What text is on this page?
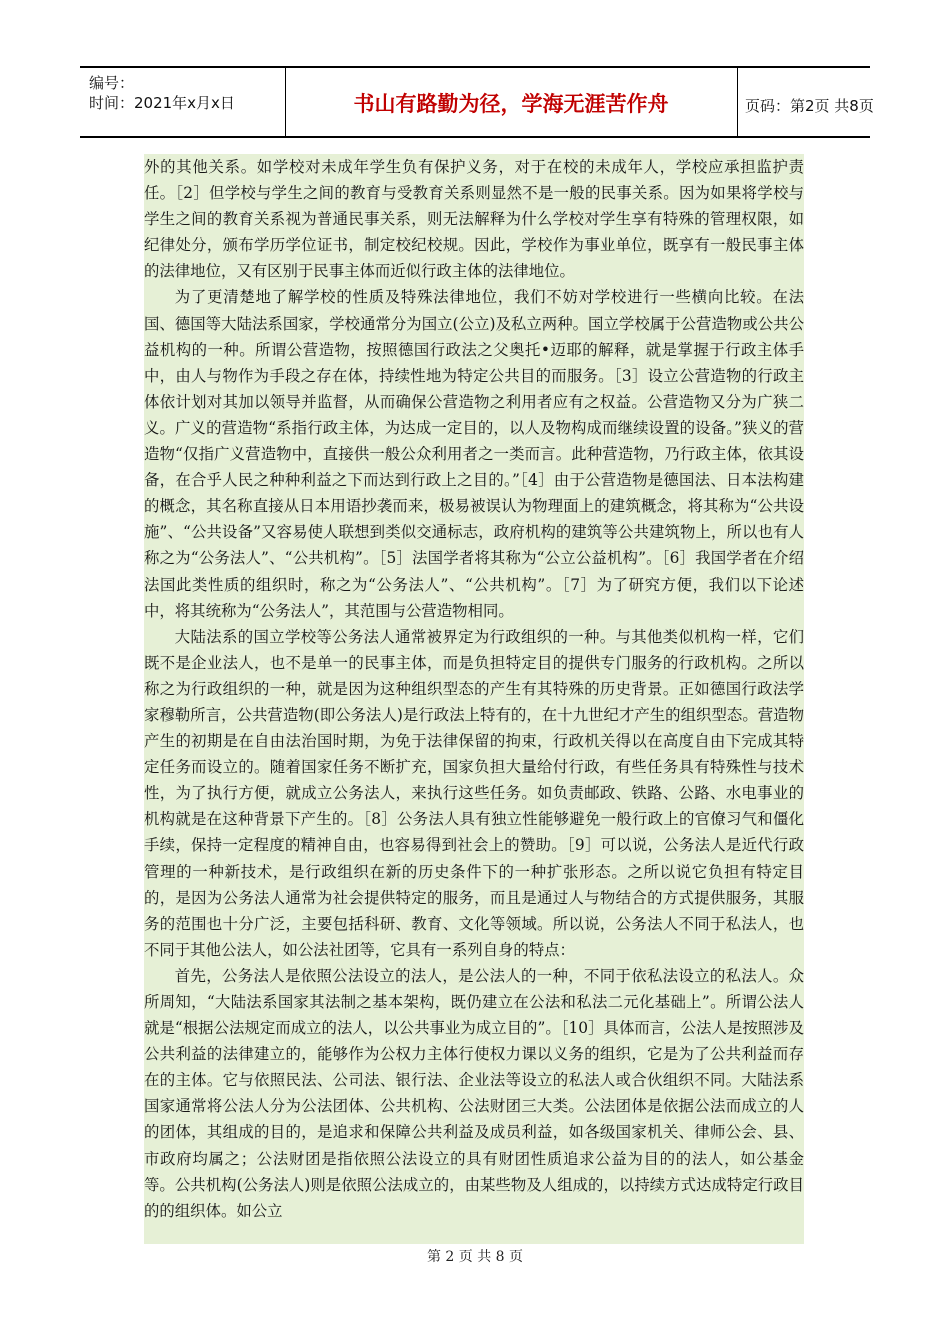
编号：
时间：2021年x月x日	书山有路勤为径，学海无涯苦作舟	页码：第2页 共8页

外的其他关系。如学校对未成年学生负有保护义务，对于在校的未成年人，学校应承担监护责任。［2］但学校与学生之间的教育与受教育关系则显然不是一般的民事关系。因为如果将学校与学生之间的教育关系视为普通民事关系，则无法解释为什么学校对学生享有特殊的管理权限，如纪律处分，颁布学历学位证书，制定校纪校规。因此，学校作为事业单位，既享有一般民事主体的法律地位，又有区别于民事主体而近似行政主体的法律地位。

为了更清楚地了解学校的性质及特殊法律地位，我们不妨对学校进行一些横向比较。在法国、德国等大陆法系国家，学校通常分为国立(公立)及私立两种。国立学校属于公营造物或公共公益机构的一种。所谓公营造物，按照德国行政法之父奥托•迈耶的解释，就是掌握于行政主体手中，由人与物作为手段之存在体，持续性地为特定公共目的而服务。［3］设立公营造物的行政主体依计划对其加以领导并监督，从而确保公营造物之利用者应有之权益。公营造物又分为广狭二义。广义的营造物“系指行政主体，为达成一定目的，以人及物构成而继续设置的设备。”狭义的营造物“仅指广义营造物中，直接供一般公众利用者之一类而言。此种营造物，乃行政主体，依其设备，在合乎人民之种种利益之下而达到行政上之目的。”［4］由于公营造物是德国法、日本法构建的概念，其名称直接从日本用语抄袭而来，极易被误认为物理面上的建筑概念，将其称为“公共设施”、“公共设备”又容易使人联想到类似交通标志，政府机构的建筑等公共建筑物上，所以也有人称之为“公务法人”、“公共机构”。［5］法国学者将其称为“公立公益机构”。［6］我国学者在介绍法国此类性质的组织时，称之为“公务法人”、“公共机构”。［7］为了研究方便，我们以下论述中，将其统称为“公务法人”，其范围与公营造物相同。

大陆法系的国立学校等公务法人通常被界定为行政组织的一种。与其他类似机构一样，它们既不是企业法人，也不是单一的民事主体，而是负担特定目的提供专门服务的行政机构。之所以称之为行政组织的一种，就是因为这种组织型态的产生有其特殊的历史背景。正如德国行政法学家穆勒所言，公共营造物(即公务法人)是行政法上特有的，在十九世纪才产生的组织型态。营造物产生的初期是在自由法治国时期，为免于法律保留的拘束，行政机关得以在高度自由下完成其特定任务而设立的。随着国家任务不断扩充，国家负担大量给付行政，有些任务具有特殊性与技术性，为了执行方便，就成立公务法人，来执行这些任务。如负责邮政、铁路、公路、水电事业的机构就是在这种背景下产生的。［8］公务法人具有独立性能够避免一般行政上的官僚习气和僵化手续，保持一定程度的精神自由，也容易得到社会上的赞助。［9］可以说，公务法人是近代行政管理的一种新技术，是行政组织在新的历史条件下的一种扩张形态。之所以说它负担有特定目的，是因为公务法人通常为社会提供特定的服务，而且是通过人与物结合的方式提供服务，其服务的范围也十分广泛，主要包括科研、教育、文化等领域。所以说，公务法人不同于私法人，也不同于其他公法人，如公法社团等，它具有一系列自身的特点：

首先，公务法人是依照公法设立的法人，是公法人的一种，不同于依私法设立的私法人。众所周知，“大陆法系国家其法制之基本架构，既仍建立在公法和私法二元化基础上”。所谓公法人就是“根据公法规定而成立的法人，以公共事业为成立目的”。［10］具体而言，公法人是按照涉及公共利益的法律建立的，能够作为公权力主体行使权力课以义务的组织，它是为了公共利益而存在的主体。它与依照民法、公司法、银行法、企业法等设立的私法人或合伙组织不同。大陆法系国家通常将公法人分为公法团体、公共机构、公法财团三大类。公法团体是依据公法而成立的人的团体，其组成的目的，是追求和保障公共利益及成员利益，如各级国家机关、律师公会、县、市政府均属之；公法财团是指依照公法设立的具有财团性质追求公益为目的的法人，如公基金等。公共机构(公务法人)则是依照公法成立的，由某些物及人组成的，以持续方式达成特定行政目的的组织体。如公立

第 2 页 共 8 页
